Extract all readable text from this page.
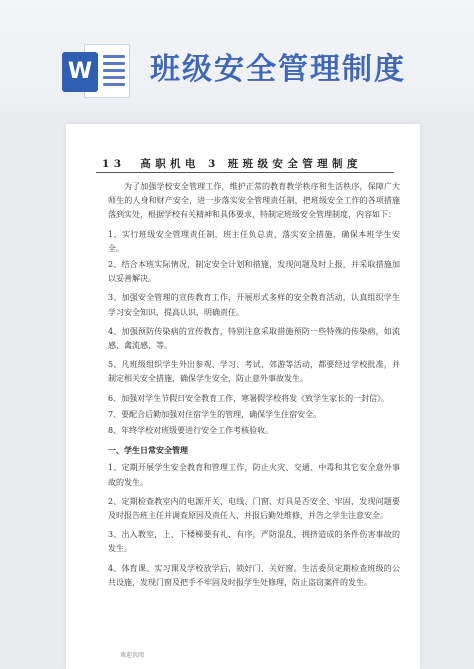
W 班级安全管理制度
13　高职机电 3 班班级安全管理制度

为了加强学校安全管理工作，维护正常的教育教学秩序和生活秩序，保障广大师生的人身和财产安全，进一步落实安全管理责任制，把班级安全工作的各项措施落到实处，根据学校有关精神和具体要求，特制定班级安全管理制度，内容如下：

1、实行班级安全管理责任制，班主任负总责，落实安全措施，确保本班学生安全。

2、结合本班实际情况，制定安全计划和措施，发现问题及时上报，并采取措施加以妥善解决。

3、加强安全管理的宣传教育工作，开展形式多样的安全教育活动，认真组织学生学习安全知识，提高认识，明确责任。

4、加强预防传染病的宣传教育，特别注意采取措施预防一些特殊的传染病，如流感、禽流感、等。

5、凡班级组织学生外出参观、学习、考试、郊游等活动，都要经过学校批准，并制定相关安全措施，确保学生安全，防止意外事故发生。

6、加强对学生节假日安全教育工作，寒暑假学校将发《致学生家长的一封信》。

7、要配合后勤加强对住宿学生的管理，确保学生住宿安全。

8、年终学校对班级要进行安全工作考核验收。

一、学生日常安全管理

1、定期开展学生安全教育和管理工作，防止火灾、交通、中毒和其它安全意外事故的发生。

2、定期检查教室内的电源开关、电线、门窗、灯具是否安全、牢固，发现问题要及时报告班主任并调查原因及责任人，并报后勤处维修，并告之学生注意安全。

3、出入教室，上、下楼梯要有礼、有序，严防混乱，拥挤造成的条件伤害事故的发生。

4、体育课、实习课及学校放学后，锁好门、关好窗。生活委员定期检查班级的公共设施，发现门窗及把手不牢固及时报学生处修理，防止盗窃案件的发生。

欢迎共阅
